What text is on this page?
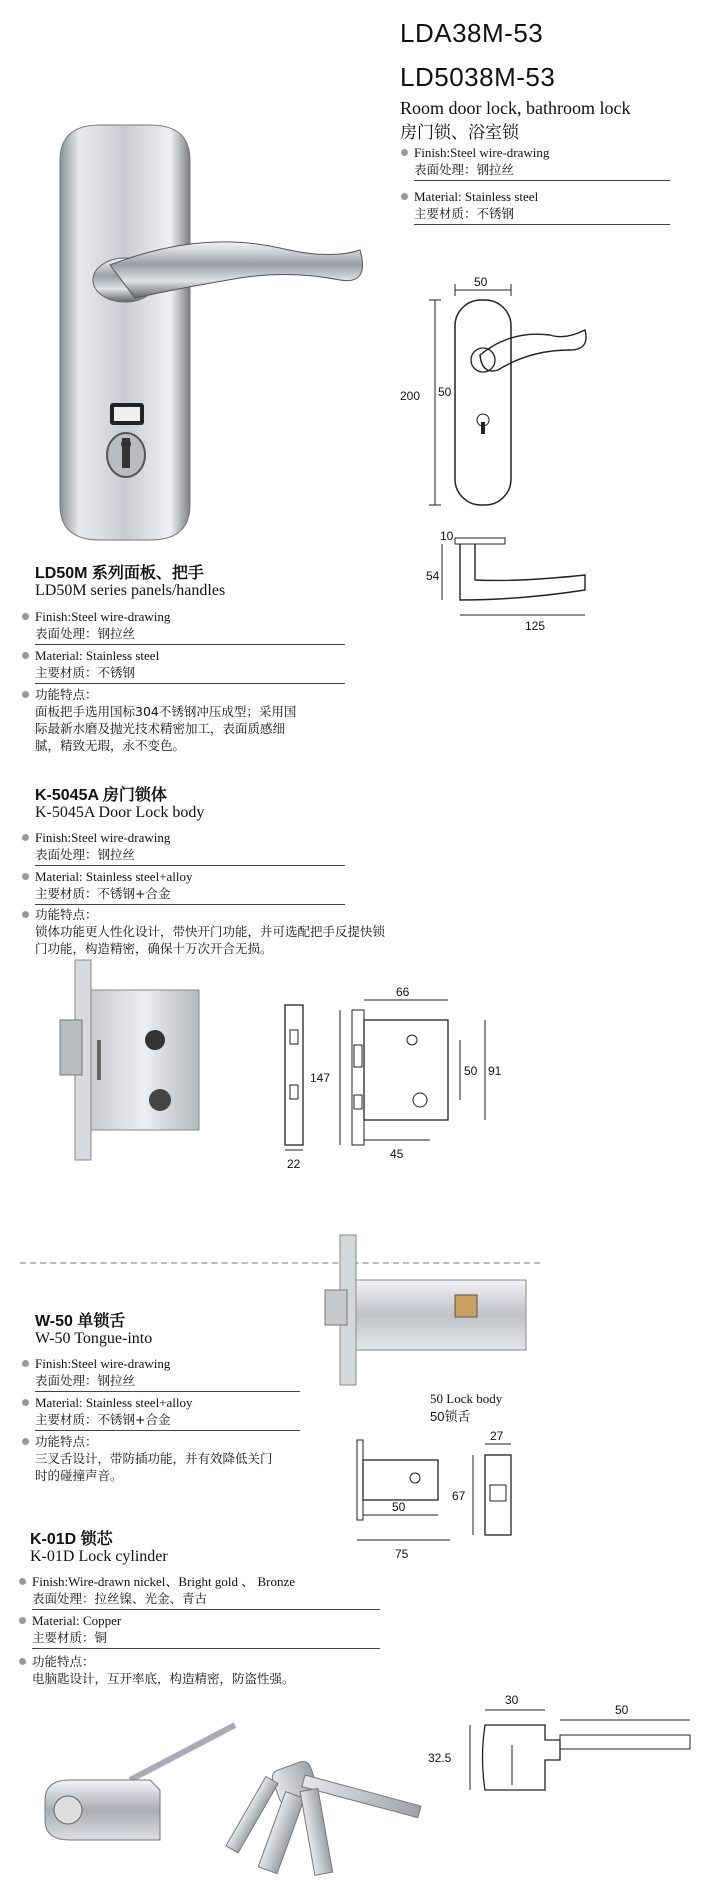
LDA38M-53
LD5038M-53
Room door lock, bathroom lock
房门锁、浴室锁
Finish:Steel wire-drawing
表面处理：钢拉丝
Material: Stainless steel
主要材质：不锈钢
50
200 50
10
54
125
LD50M 系列面板、把手
LD50M series panels/handles
Finish:Steel wire-drawing
表面处理：钢拉丝
Material: Stainless steel
主要材质：不锈钢
功能特点：
面板把手选用国标304不锈钢冲压成型；采用国
际最新水磨及抛光技术精密加工，表面质感细
腻，精致无瑕，永不变色。
K-5045A 房门锁体
K-5045A Door Lock body
Finish:Steel wire-drawing
表面处理：钢拉丝
Material: Stainless steel+alloy
主要材质：不锈钢+合金
功能特点：
锁体功能更人性化设计，带快开门功能，并可选配把手反提快锁
门功能，构造精密，确保十万次开合无损。
22
66
147	50 91
45
W-50 单锁舌
W-50 Tongue-into
Finish:Steel wire-drawing
表面处理：钢拉丝
Material: Stainless steel+alloy
主要材质：不锈钢+合金
功能特点：
三叉舌设计，带防插功能，并有效降低关门
时的碰撞声音。
50 Lock body
50锁舌
50
75
27
67
K-01D 锁芯
K-01D Lock cylinder
Finish:Wire-drawn nickel、Bright gold 、 Bronze
表面处理：拉丝镍、光金、青古
Material: Copper
主要材质：铜
功能特点：
电脑匙设计，互开率底，构造精密，防盗性强。
30
50
32.5
